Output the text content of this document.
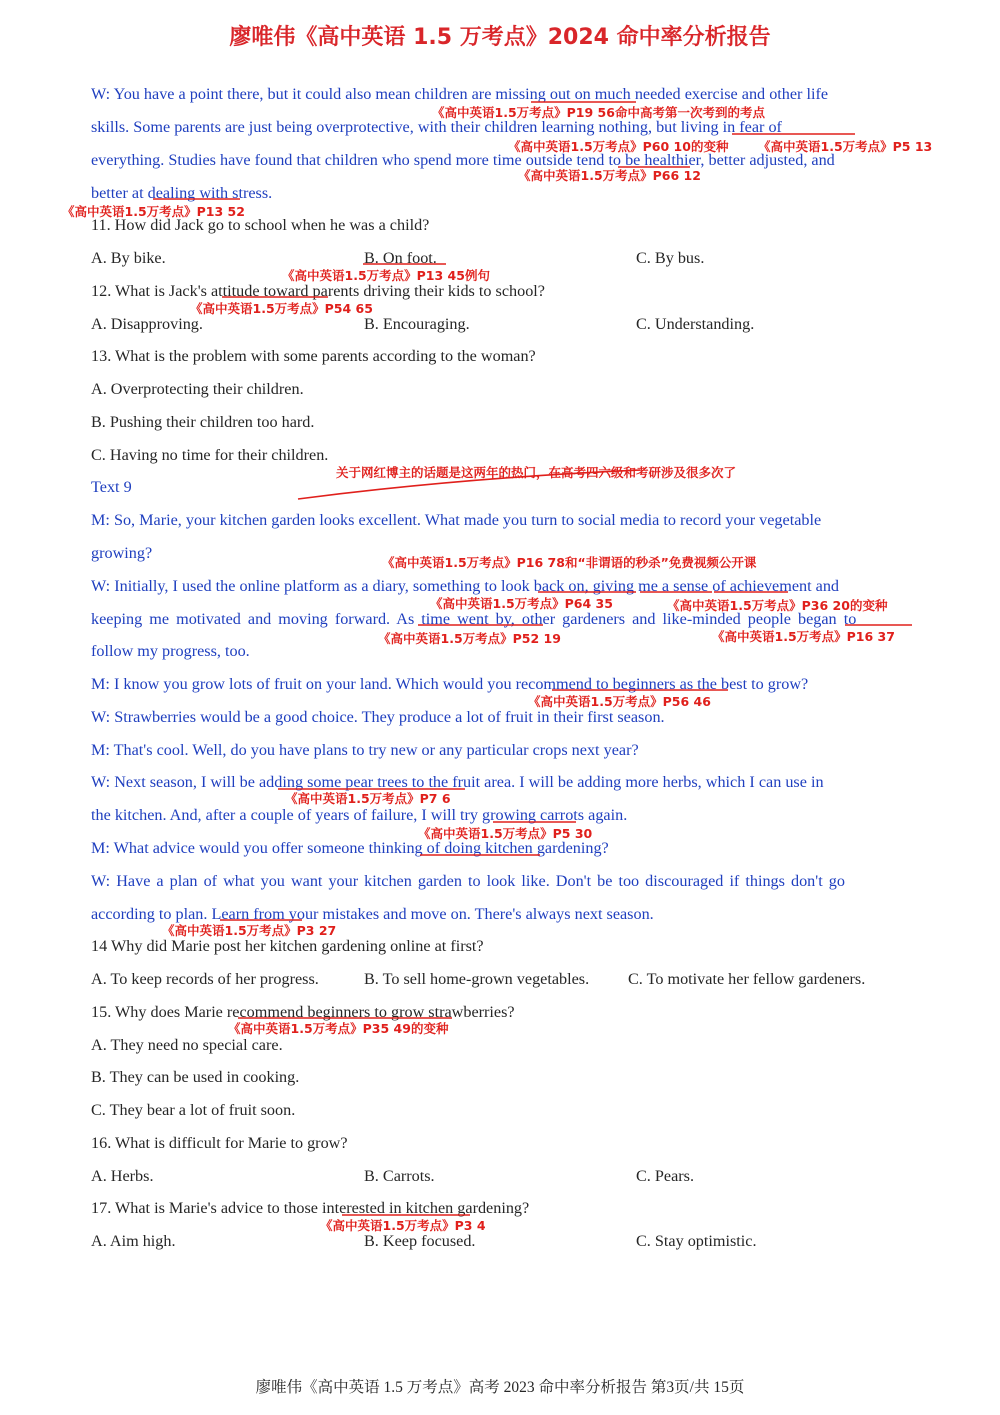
廖唯伟《高中英语 1.5 万考点》2024 命中率分析报告
W: You have a point there, but it could also mean children are missing out on much needed exercise and other life
skills. Some parents are just being overprotective, with their children learning nothing, but living in fear of
everything. Studies have found that children who spend more time outside tend to be healthier, better adjusted, and
better at dealing with stress.
11. How did Jack go to school when he was a child?
A. By bike.	B. On foot.	C. By bus.
12. What is Jack's attitude toward parents driving their kids to school?
A. Disapproving.	B. Encouraging.	C. Understanding.
13. What is the problem with some parents according to the woman?
A. Overprotecting their children.
B. Pushing their children too hard.
C. Having no time for their children.
Text 9
M: So, Marie, your kitchen garden looks excellent. What made you turn to social media to record your vegetable
growing?
W: Initially, I used the online platform as a diary, something to look back on, giving me a sense of achievement and
keeping me motivated and moving forward. As time went by, other gardeners and like-minded people began to
follow my progress, too.
M: I know you grow lots of fruit on your land. Which would you recommend to beginners as the best to grow?
W: Strawberries would be a good choice. They produce a lot of fruit in their first season.
M: That's cool. Well, do you have plans to try new or any particular crops next year?
W: Next season, I will be adding some pear trees to the fruit area. I will be adding more herbs, which I can use in
the kitchen. And, after a couple of years of failure, I will try growing carrots again.
M: What advice would you offer someone thinking of doing kitchen gardening?
W: Have a plan of what you want your kitchen garden to look like. Don't be too discouraged if things don't go
according to plan. Learn from your mistakes and move on. There's always next season.
14 Why did Marie post her kitchen gardening online at first?
A. To keep records of her progress.	B. To sell home-grown vegetables. C. To motivate her fellow gardeners.
15. Why does Marie recommend beginners to grow strawberries?
A. They need no special care.
B. They can be used in cooking.
C. They bear a lot of fruit soon.
16. What is difficult for Marie to grow?
A. Herbs.	B. Carrots.	C. Pears.
17. What is Marie's advice to those interested in kitchen gardening?
A. Aim high.	B. Keep focused.	C. Stay optimistic.
《高中英语1.5万考点》P19 56命中高考第一次考到的考点
《高中英语1.5万考点》P60 10的变种 《高中英语1.5万考点》P5 13
《高中英语1.5万考点》P66 12
《高中英语1.5万考点》P13 52
《高中英语1.5万考点》P13 45例句
《高中英语1.5万考点》P54 65
关于网红博主的话题是这两年的热门，在高考四六级和考研涉及很多次了
《高中英语1.5万考点》P16 78和“非谓语的秒杀”免费视频公开课
《高中英语1.5万考点》P64 35	《高中英语1.5万考点》P36 20的变种
《高中英语1.5万考点》P52 19	《高中英语1.5万考点》P16 37
《高中英语1.5万考点》P56 46
《高中英语1.5万考点》P7 6
《高中英语1.5万考点》P5 30
《高中英语1.5万考点》P3 27
《高中英语1.5万考点》P35 49的变种
《高中英语1.5万考点》P3 4
廖唯伟《高中英语 1.5 万考点》高考 2023 命中率分析报告 第3页/共 15页
